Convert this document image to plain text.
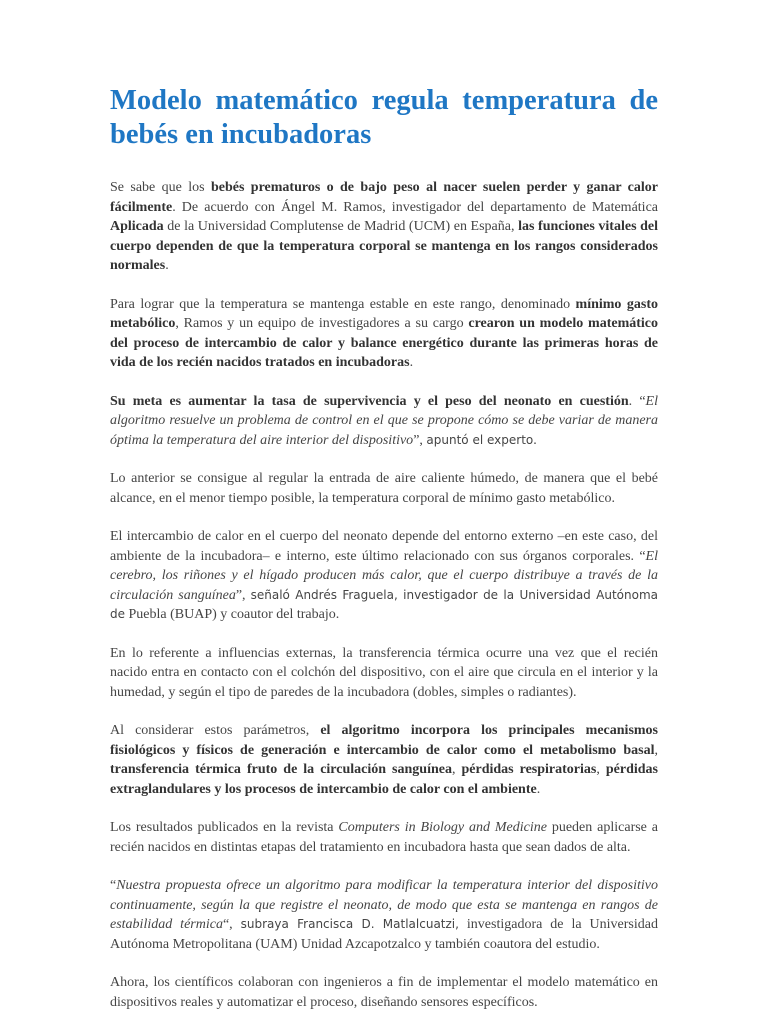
Modelo matemático regula temperatura de bebés en incubadoras

Se sabe que los bebés prematuros o de bajo peso al nacer suelen perder y ganar calor fácilmente. De acuerdo con Ángel M. Ramos, investigador del departamento de Matemática Aplicada de la Universidad Complutense de Madrid (UCM) en España, las funciones vitales del cuerpo dependen de que la temperatura corporal se mantenga en los rangos considerados normales.

Para lograr que la temperatura se mantenga estable en este rango, denominado mínimo gasto metabólico, Ramos y un equipo de investigadores a su cargo crearon un modelo matemático del proceso de intercambio de calor y balance energético durante las primeras horas de vida de los recién nacidos tratados en incubadoras.

Su meta es aumentar la tasa de supervivencia y el peso del neonato en cuestión. “El algoritmo resuelve un problema de control en el que se propone cómo se debe variar de manera óptima la temperatura del aire interior del dispositivo”, apuntó el experto.

Lo anterior se consigue al regular la entrada de aire caliente húmedo, de manera que el bebé alcance, en el menor tiempo posible, la temperatura corporal de mínimo gasto metabólico.

El intercambio de calor en el cuerpo del neonato depende del entorno externo –en este caso, del ambiente de la incubadora– e interno, este último relacionado con sus órganos corporales. “El cerebro, los riñones y el hígado producen más calor, que el cuerpo distribuye a través de la circulación sanguínea”, señaló Andrés Fraguela, investigador de la Universidad Autónoma de Puebla (BUAP) y coautor del trabajo.

En lo referente a influencias externas, la transferencia térmica ocurre una vez que el recién nacido entra en contacto con el colchón del dispositivo, con el aire que circula en el interior y la humedad, y según el tipo de paredes de la incubadora (dobles, simples o radiantes).

Al considerar estos parámetros, el algoritmo incorpora los principales mecanismos fisiológicos y físicos de generación e intercambio de calor como el metabolismo basal, transferencia térmica fruto de la circulación sanguínea, pérdidas respiratorias, pérdidas extraglandulares y los procesos de intercambio de calor con el ambiente.

Los resultados publicados en la revista Computers in Biology and Medicine pueden aplicarse a recién nacidos en distintas etapas del tratamiento en incubadora hasta que sean dados de alta.

“Nuestra propuesta ofrece un algoritmo para modificar la temperatura interior del dispositivo continuamente, según la que registre el neonato, de modo que esta se mantenga en rangos de estabilidad térmica“, subraya Francisca D. Matlalcuatzi, investigadora de la Universidad Autónoma Metropolitana (UAM) Unidad Azcapotzalco y también coautora del estudio.

Ahora, los científicos colaboran con ingenieros a fin de implementar el modelo matemático en dispositivos reales y automatizar el proceso, diseñando sensores específicos.
